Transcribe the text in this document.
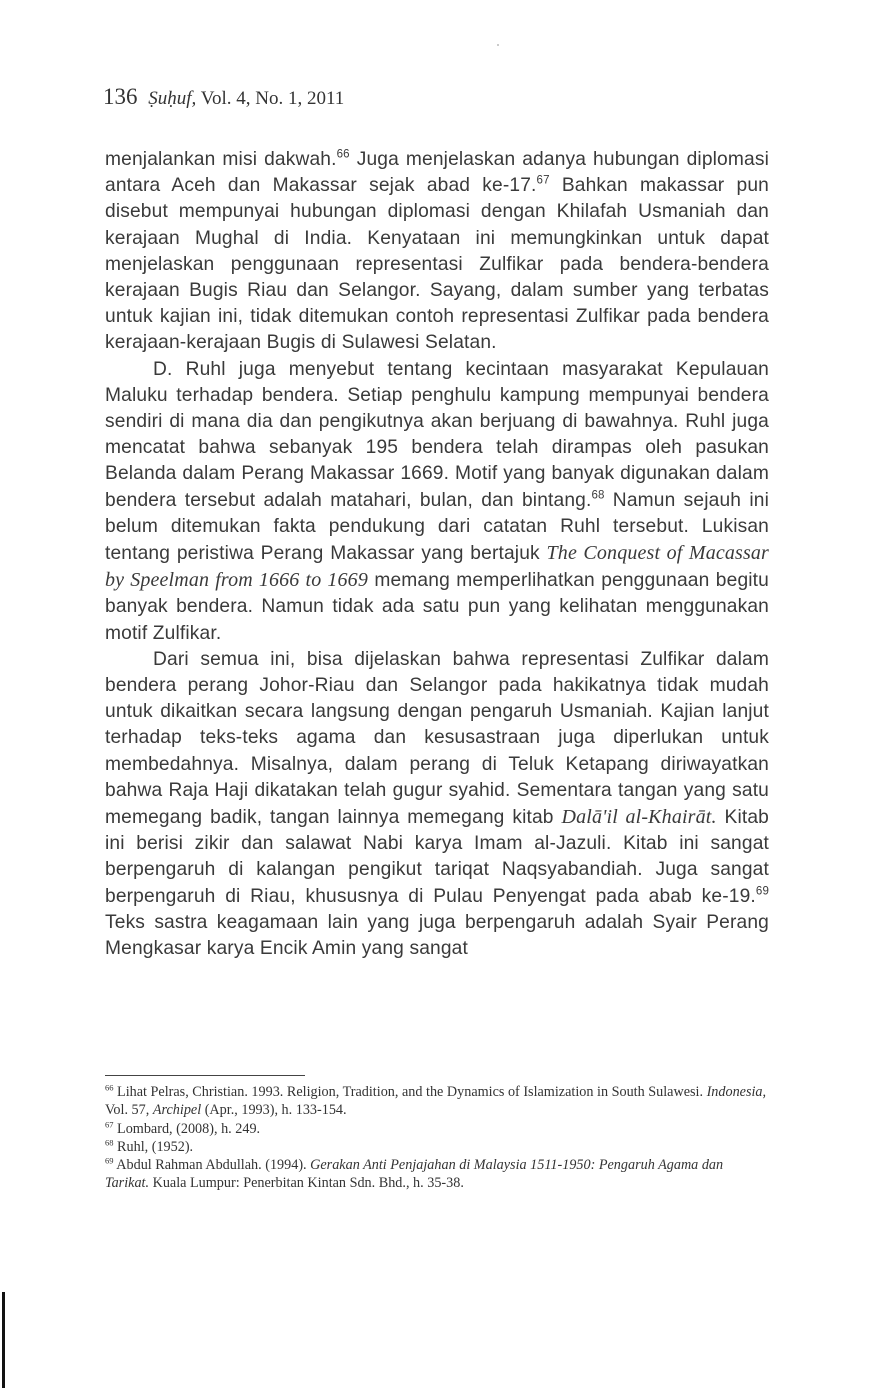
136 Ṣuḥuf, Vol. 4, No. 1, 2011

menjalankan misi dakwah.$^{66}$ Juga menjelaskan adanya hubungan diplomasi antara Aceh dan Makassar sejak abad ke-17.67 Bahkan makassar pun disebut mempunyai hubungan diplomasi dengan Khilafah Usmaniah dan kerajaan Mughal di India. Kenyataan ini memungkinkan untuk dapat menjelaskan penggunaan representasi Zulfikar pada bendera-bendera kerajaan Bugis Riau dan Selangor. Sayang, dalam sumber yang terbatas untuk kajian ini, tidak ditemukan contoh representasi Zulfikar pada bendera kerajaan-kerajaan Bugis di Sulawesi Selatan.

D. Ruhl juga menyebut tentang kecintaan masyarakat Kepulauan Maluku terhadap bendera. Setiap penghulu kampung mempunyai bendera sendiri di mana dia dan pengikutnya akan berjuang di bawahnya. Ruhl juga mencatat bahwa sebanyak 195 bendera telah dirampas oleh pasukan Belanda dalam Perang Makassar 1669. Motif yang banyak digunakan dalam bendera tersebut adalah matahari, bulan, dan bintang.$^{68}$ Namun sejauh ini belum ditemukan fakta pendukung dari catatan Ruhl tersebut. Lukisan tentang peristiwa Perang Makassar yang bertajuk The Conquest of Macassar by Speelman from 1666 to 1669 memang memperlihatkan penggunaan begitu banyak bendera. Namun tidak ada satu pun yang kelihatan menggunakan motif Zulfikar.

Dari semua ini, bisa dijelaskan bahwa representasi Zulfikar dalam bendera perang Johor-Riau dan Selangor pada hakikatnya tidak mudah untuk dikaitkan secara langsung dengan pengaruh Usmaniah. Kajian lanjut terhadap teks-teks agama dan kesusastraan juga diperlukan untuk membedahnya. Misalnya, dalam perang di Teluk Ketapang diriwayatkan bahwa Raja Haji dikatakan telah gugur syahid. Sementara tangan yang satu memegang badik, tangan lainnya memegang kitab Dalā'il al-Khairāt. Kitab ini berisi zikir dan salawat Nabi karya Imam al-Jazuli. Kitab ini sangat berpengaruh di kalangan pengikut tariqat Naqsyabandiah. Juga sangat berpengaruh di Riau, khususnya di Pulau Penyengat pada abab ke-19.69 Teks sastra keagamaan lain yang juga berpengaruh adalah Syair Perang Mengkasar karya Encik Amin yang sangat

$^{66}$ Lihat Pelras, Christian. 1993. Religion, Tradition, and the Dynamics of Islamization in South Sulawesi. Indonesia, Vol. 57, Archipel (Apr., 1993), h. 133-154.

$^{67}$ Lombard, (2008), h. 249.

$^{68}$ Ruhl, (1952).

$^{69}$ Abdul Rahman Abdullah. (1994). Gerakan Anti Penjajahan di Malaysia 1511-1950: Pengaruh Agama dan Tarikat. Kuala Lumpur: Penerbitan Kintan Sdn. Bhd., h. 35-38.
